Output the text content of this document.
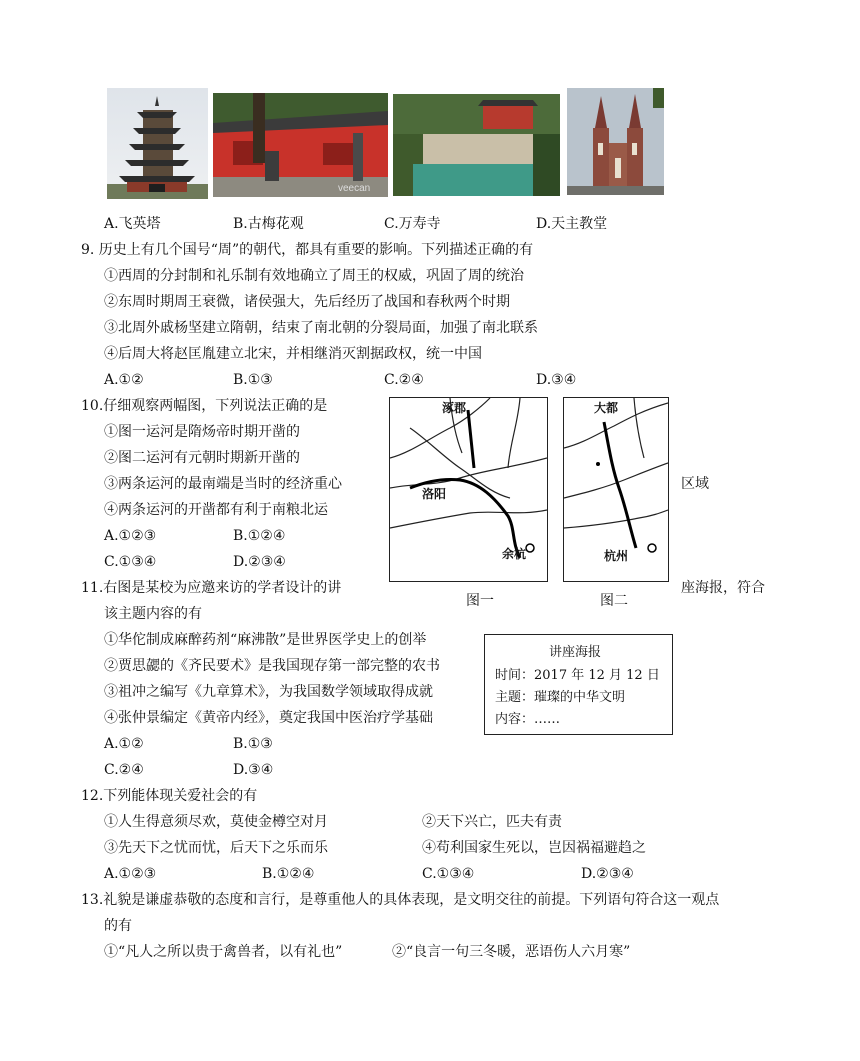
veecan
A.飞英塔	B.古梅花观	C.万寿寺	D.天主教堂
9. 历史上有几个国号“周”的朝代，都具有重要的影响。下列描述正确的有
①西周的分封制和礼乐制有效地确立了周王的权威，巩固了周的统治
②东周时期周王衰微，诸侯强大，先后经历了战国和春秋两个时期
③北周外戚杨坚建立隋朝，结束了南北朝的分裂局面，加强了南北联系
④后周大将赵匡胤建立北宋，并相继消灭割据政权，统一中国
A.①②	B.①③	C.②④	D.③④
10.仔细观察两幅图，下列说法正确的是
①图一运河是隋炀帝时期开凿的
②图二运河有元朝时期新开凿的
③两条运河的最南端是当时的经济重心	区域
④两条运河的开凿都有利于南粮北运
A.①②③	B.①②④
C.①③④	D.②③④
涿郡
洛阳
余杭
图一
大都
杭州
图二
11.右图是某校为应邀来访的学者设计的讲	座海报，符合
该主题内容的有
①华佗制成麻醉药剂“麻沸散”是世界医学史上的创举
②贾思勰的《齐民要术》是我国现存第一部完整的农书
③祖冲之编写《九章算术》，为我国数学领域取得成就
④张仲景编定《黄帝内经》，奠定我国中医治疗学基础
A.①②	B.①③
C.②④	D.③④
讲座海报
时间：2017 年 12 月 12 日
主题：璀璨的中华文明
内容：……
12.下列能体现关爱社会的有
①人生得意须尽欢，莫使金樽空对月	②天下兴亡，匹夫有责
③先天下之忧而忧，后天下之乐而乐	④苟利国家生死以，岂因祸福避趋之
A.①②③	B.①②④	C.①③④	D.②③④
13.礼貌是谦虚恭敬的态度和言行，是尊重他人的具体表现，是文明交往的前提。下列语句符合这一观点
的有
①“凡人之所以贵于禽兽者，以有礼也”	②“良言一句三冬暖，恶语伤人六月寒”
